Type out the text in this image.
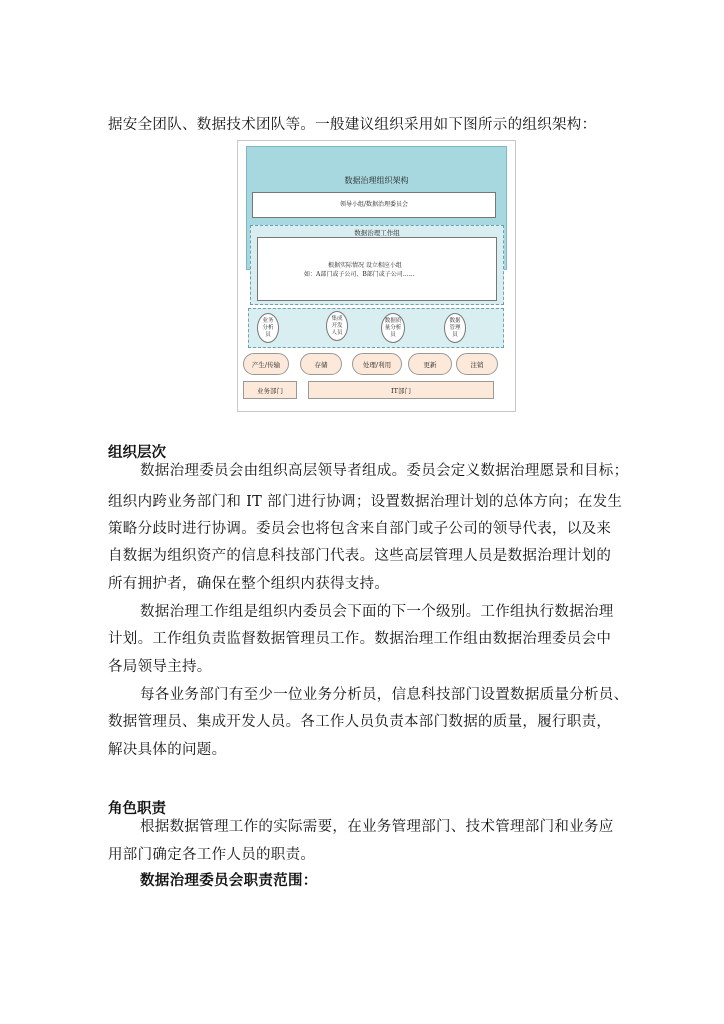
据安全团队、数据技术团队等。一般建议组织采用如下图所示的组织架构：
数据治理组织架构
领导小组/数据治理委员会
数据治理工作组
根据实际情况 设立相应小组
如：A部门或子公司、B部门或子公司……
业务分析员
集成开发人员
数据质量分析员
数据管理员
产生/传输	存储	处理/利用	更新	注销
业务部门	IT部门
组织层次
数据治理委员会由组织高层领导者组成。委员会定义数据治理愿景和目标；
组织内跨业务部门和 IT 部门进行协调；设置数据治理计划的总体方向；在发生
策略分歧时进行协调。委员会也将包含来自部门或子公司的领导代表，以及来
自数据为组织资产的信息科技部门代表。这些高层管理人员是数据治理计划的
所有拥护者，确保在整个组织内获得支持。
数据治理工作组是组织内委员会下面的下一个级别。工作组执行数据治理
计划。工作组负责监督数据管理员工作。数据治理工作组由数据治理委员会中
各局领导主持。
每各业务部门有至少一位业务分析员，信息科技部门设置数据质量分析员、
数据管理员、集成开发人员。各工作人员负责本部门数据的质量，履行职责，
解决具体的问题。
角色职责
根据数据管理工作的实际需要，在业务管理部门、技术管理部门和业务应
用部门确定各工作人员的职责。
数据治理委员会职责范围：
